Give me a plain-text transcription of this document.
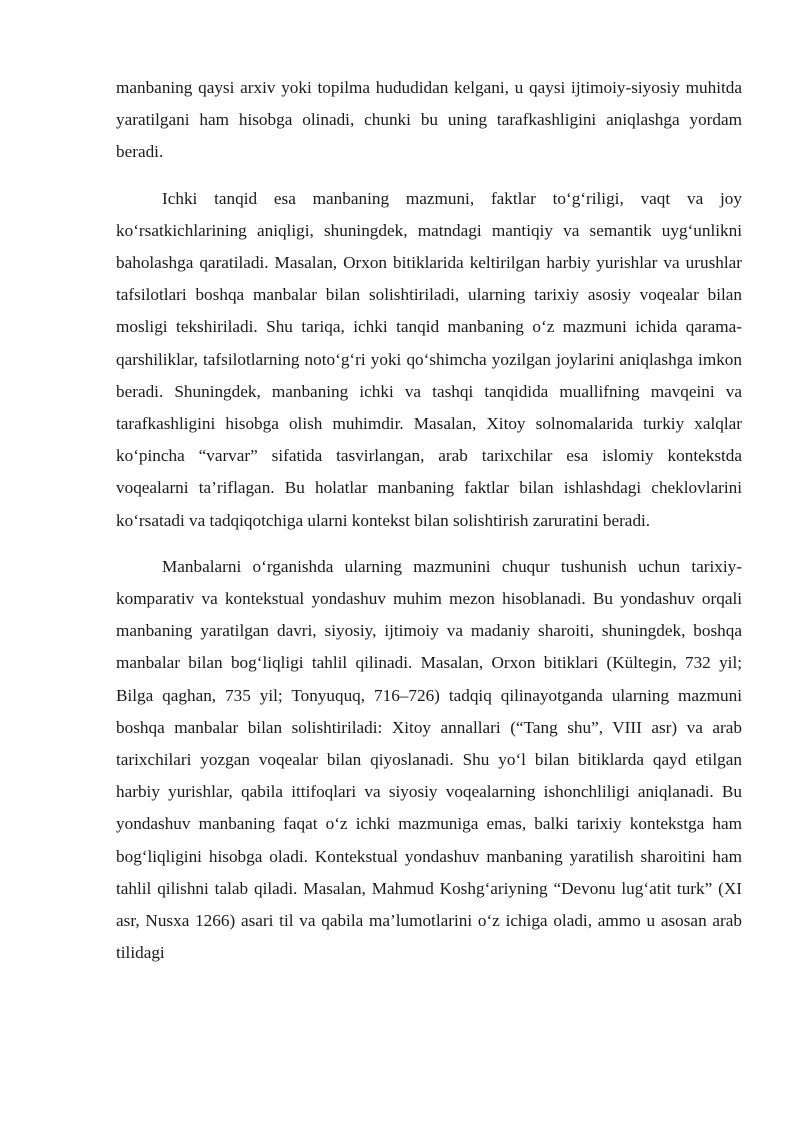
manbaning qaysi arxiv yoki topilma hududidan kelgani, u qaysi ijtimoiy-siyosiy muhitda yaratilgani ham hisobga olinadi, chunki bu uning tarafkashligini aniqlashga yordam beradi.

Ichki tanqid esa manbaning mazmuni, faktlar to‘g‘riligi, vaqt va joy ko‘rsatkichlarining aniqligi, shuningdek, matndagi mantiqiy va semantik uyg‘unlikni baholashga qaratiladi. Masalan, Orxon bitiklarida keltirilgan harbiy yurishlar va urushlar tafsilotlari boshqa manbalar bilan solishtiriladi, ularning tarixiy asosiy voqealar bilan mosligi tekshiriladi. Shu tariqa, ichki tanqid manbaning o‘z mazmuni ichida qarama-qarshiliklar, tafsilotlarning noto‘g‘ri yoki qo‘shimcha yozilgan joylarini aniqlashga imkon beradi. Shuningdek, manbaning ichki va tashqi tanqidida muallifning mavqeini va tarafkashligini hisobga olish muhimdir. Masalan, Xitoy solnomalarida turkiy xalqlar ko‘pincha “varvar” sifatida tasvirlangan, arab tarixchilar esa islomiy kontekstda voqealarni ta’riflagan. Bu holatlar manbaning faktlar bilan ishlashdagi cheklovlarini ko‘rsatadi va tadqiqotchiga ularni kontekst bilan solishtirish zaruratini beradi.

Manbalarni o‘rganishda ularning mazmunini chuqur tushunish uchun tarixiy-komparativ va kontekstual yondashuv muhim mezon hisoblanadi. Bu yondashuv orqali manbaning yaratilgan davri, siyosiy, ijtimoiy va madaniy sharoiti, shuningdek, boshqa manbalar bilan bog‘liqligi tahlil qilinadi. Masalan, Orxon bitiklari (Kültegin, 732 yil; Bilga qaghan, 735 yil; Tonyuquq, 716–726) tadqiq qilinayotganda ularning mazmuni boshqa manbalar bilan solishtiriladi: Xitoy annallari (“Tang shu”, VIII asr) va arab tarixchilari yozgan voqealar bilan qiyoslanadi. Shu yo‘l bilan bitiklarda qayd etilgan harbiy yurishlar, qabila ittifoqlari va siyosiy voqealarning ishonchliligi aniqlanadi. Bu yondashuv manbaning faqat o‘z ichki mazmuniga emas, balki tarixiy kontekstga ham bog‘liqligini hisobga oladi. Kontekstual yondashuv manbaning yaratilish sharoitini ham tahlil qilishni talab qiladi. Masalan, Mahmud Koshg‘ariyning “Devonu lug‘atit turk” (XI asr, Nusxa 1266) asari til va qabila ma’lumotlarini o‘z ichiga oladi, ammo u asosan arab tilidagi
